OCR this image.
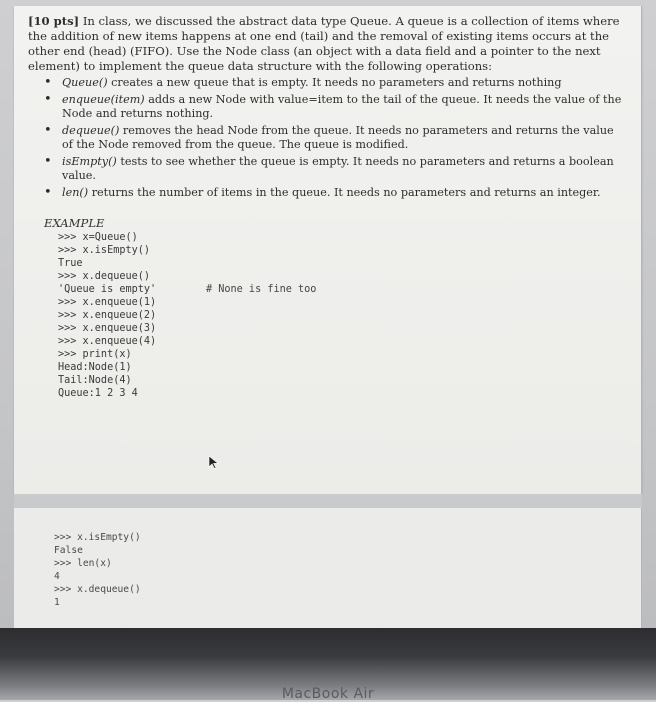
[10 pts] In class, we discussed the abstract data type Queue. A queue is a collection of items where the addition of new items happens at one end (tail) and the removal of existing items occurs at the other end (head) (FIFO). Use the Node class (an object with a data field and a pointer to the next element) to implement the queue data structure with the following operations:

• Queue() creates a new queue that is empty. It needs no parameters and returns nothing
• enqueue(item) adds a new Node with value=item to the tail of the queue. It needs the value of the Node and returns nothing.
• dequeue() removes the head Node from the queue. It needs no parameters and returns the value of the Node removed from the queue. The queue is modified.
• isEmpty() tests to see whether the queue is empty. It needs no parameters and returns a boolean value.
• len() returns the number of items in the queue. It needs no parameters and returns an integer.
EXAMPLE
>>> x=Queue()
>>> x.isEmpty()
True
>>> x.dequeue()
'Queue is empty'	# None is fine too
>>> x.enqueue(1)
>>> x.enqueue(2)
>>> x.enqueue(3)
>>> x.enqueue(4)
>>> print(x)
Head:Node(1)
Tail:Node(4)
Queue:1 2 3 4
>>> x.isEmpty()
False
>>> len(x)
4
>>> x.dequeue()
1
MacBook Air
